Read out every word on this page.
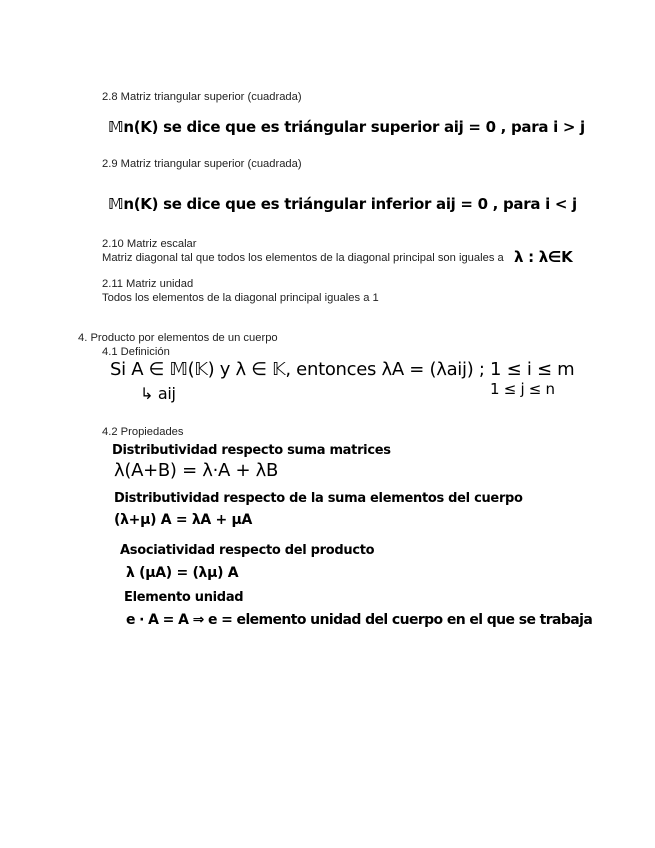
2.8 Matriz triangular superior (cuadrada)
𝕄n(K) se dice que es triángular superior aij = 0 , para i > j
2.9 Matriz triangular superior (cuadrada)
𝕄n(K) se dice que es triángular inferior aij = 0 , para i < j
2.10 Matriz escalar
Matriz diagonal tal que todos los elementos de la diagonal principal son iguales a λ : λ∈K
2.11 Matriz unidad
Todos los elementos de la diagonal principal iguales a 1
4. Producto por elementos de un cuerpo
4.1 Definición
Si A ∈ 𝕄(𝕂) y λ ∈ 𝕂, entonces λA = (λaij) ; 1 ≤ i ≤ m
↳ aij	1 ≤ j ≤ n
4.2 Propiedades
Distributividad respecto suma matrices
λ(A+B) = λ·A + λB
Distributividad respecto de la suma elementos del cuerpo
(λ+μ) A = λA + μA
Asociatividad respecto del producto
λ (μA) = (λμ) A
Elemento unidad
e · A = A ⇒ e = elemento unidad del cuerpo en el que se trabaja
